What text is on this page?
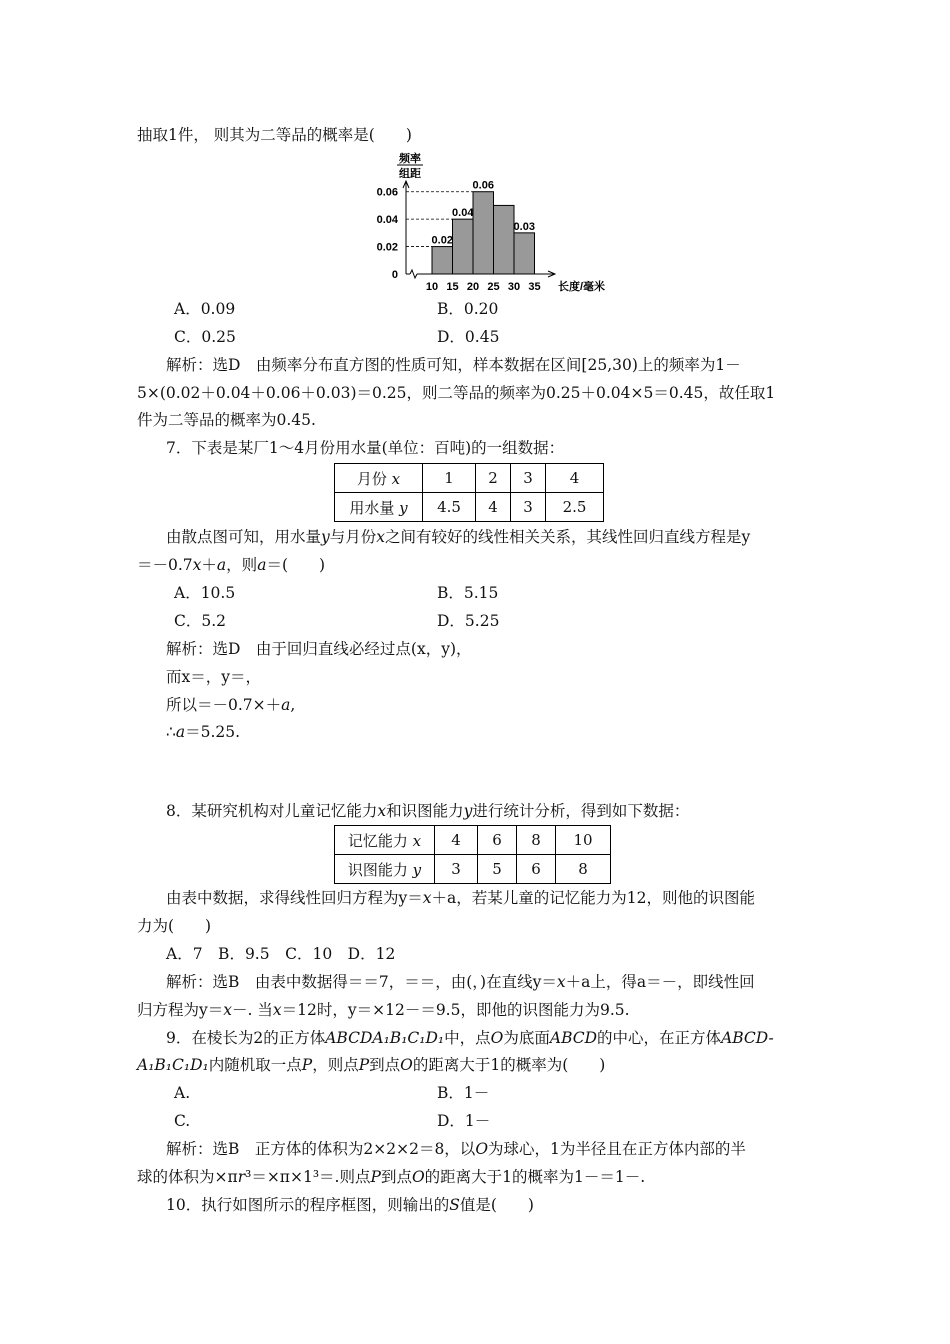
抽取1件， 则其为二等品的概率是(　　)
频率
组距
0.02
0.04
0.06
0.03
0
0.02
0.04
0.06
10 15 20 25 30 35 长度/毫米
A．0.09	B．0.20
C．0.25	D．0.45
解析：选D　由频率分布直方图的性质可知，样本数据在区间[25,30)上的频率为1－
5×(0.02＋0.04＋0.06＋0.03)＝0.25，则二等品的频率为0.25＋0.04×5＝0.45，故任取1
件为二等品的概率为0.45.
7．下表是某厂1～4月份用水量(单位：百吨)的一组数据：
月份 x	1	2	3	4
用水量 y	4.5	4	3	2.5
由散点图可知，用水量y与月份x之间有较好的线性相关关系，其线性回归直线方程是y
＝－0.7x＋a，则a＝(　　)
A．10.5	B．5.15
C．5.2	D．5.25
解析：选D　由于回归直线必经过点(x，y)，
而x＝，y＝，
所以＝－0.7×＋a,
∴a＝5.25.
8．某研究机构对儿童记忆能力x和识图能力y进行统计分析，得到如下数据：
记忆能力 x	4	6	8	10
识图能力 y	3	5	6	8
由表中数据，求得线性回归方程为y＝x＋a，若某儿童的记忆能力为12，则他的识图能
力为(　　)
A．7　B．9.5　C．10　D．12
解析：选B　由表中数据得＝＝7，＝＝，由(，)在直线y＝x＋a上，得a＝－，即线性回
归方程为y＝x－. 当x＝12时，y＝×12－＝9.5，即他的识图能力为9.5.
9．在棱长为2的正方体ABCDA₁B₁C₁D₁中，点O为底面ABCD的中心，在正方体ABCD-
A₁B₁C₁D₁内随机取一点P，则点P到点O的距离大于1的概率为(　　)
A.	B．1－
C.	D．1－
解析：选B　正方体的体积为2×2×2＝8，以O为球心，1为半径且在正方体内部的半
球的体积为×πr³＝×π×1³＝.则点P到点O的距离大于1的概率为1－＝1－.
10．执行如图所示的程序框图，则输出的S值是(　　)
